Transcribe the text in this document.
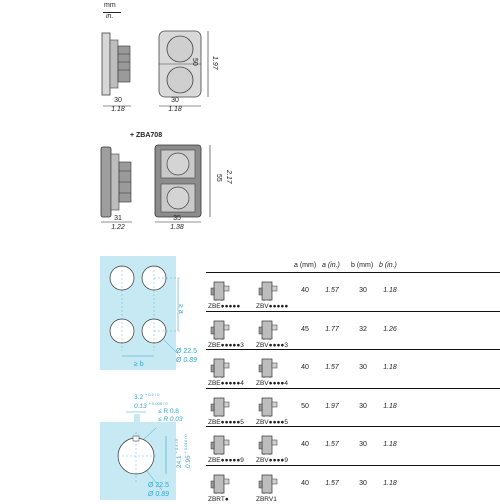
mm
in.
30
1.18
30
1.18
50 1.97
+ ZBA708
31
1.22
35
1.38
55 2.17
≥ b
≥ a
Ø 22.5
Ø 0.89
3.2 $^{+ 0.2 / 0}$
0.13 $^{+ 0.008 / 0}$
≤ R 0.8
≤ R 0.03
24.1 $^{+ 0.4 / 0}$
0.95 $^{+ 0.016 / 0}$
Ø 22.5
Ø 0.89
a (mm) a (in.) b (mm) b (in.)
ZBE●●●●● ZBV●●●●●
40	1.57	30	1.18
ZBE●●●●●3 ZBV●●●●3
45	1.77	32	1.26
ZBE●●●●●4 ZBV●●●●4
40	1.57	30	1.18
ZBE●●●●●5 ZBV●●●●5
50	1.97	30	1.18
ZBE●●●●●9 ZBV●●●●9
40	1.57	30	1.18
ZBRT●	ZBRV1
40	1.57	30	1.18
